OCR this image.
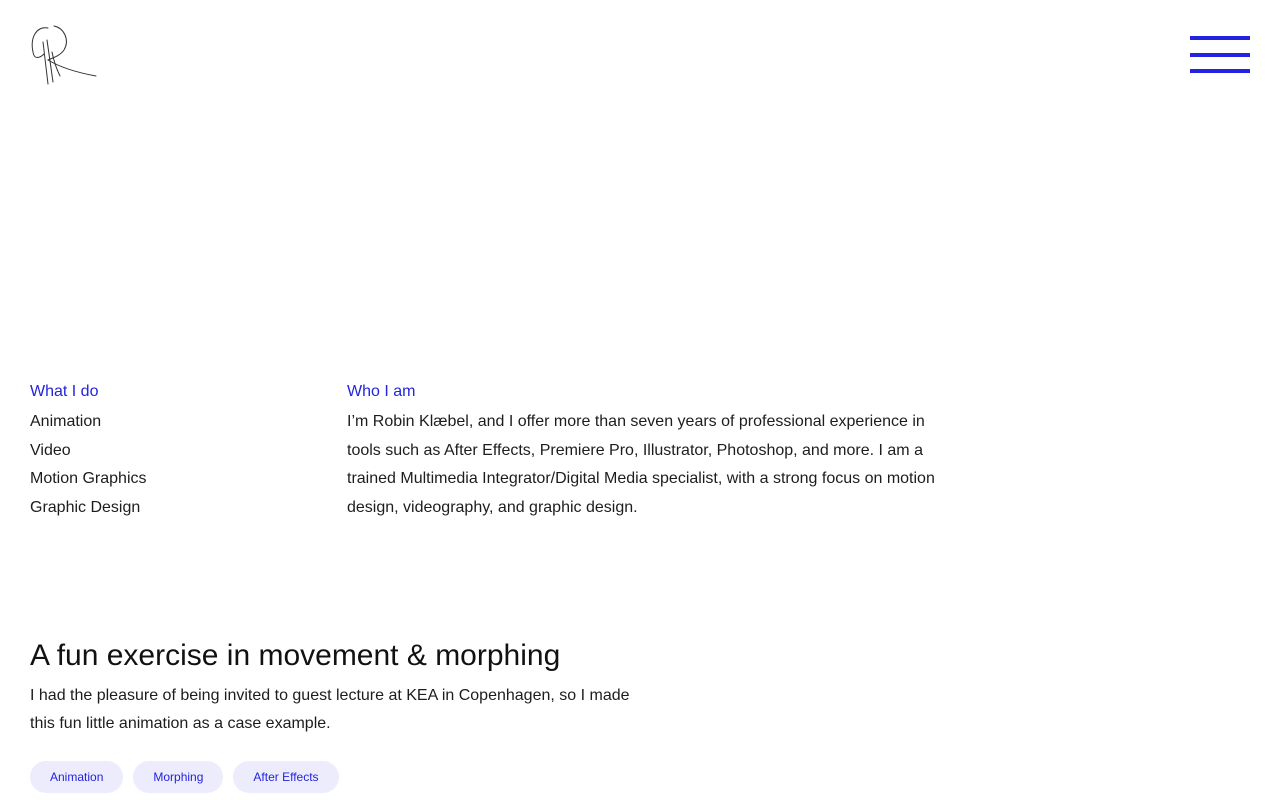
What I do
Animation
Video
Motion Graphics
Graphic Design
Who I am

I’m Robin Klæbel, and I offer more than seven years of professional experience in tools such as After Effects, Premiere Pro, Illustrator, Photoshop, and more. I am a trained Multimedia Integrator/Digital Media specialist, with a strong focus on motion design, videography, and graphic design.

A fun exercise in movement & morphing

I had the pleasure of being invited to guest lecture at KEA in Copenhagen, so I made this fun little animation as a case example.

Animation	Morphing	After Effects
